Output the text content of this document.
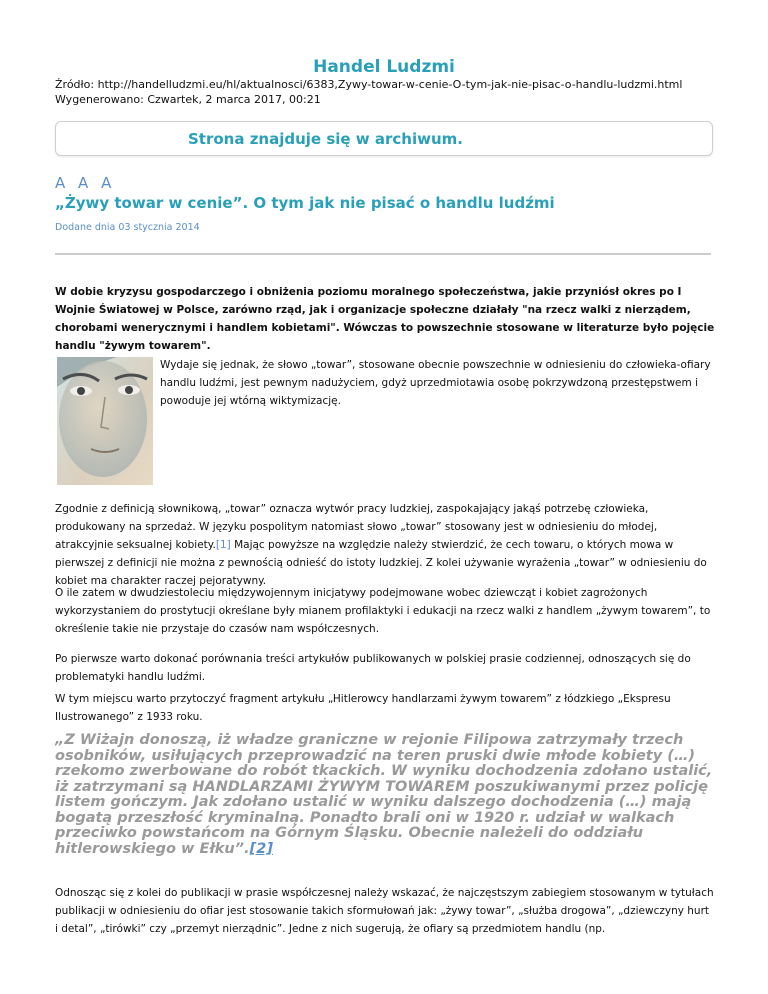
Handel Ludzmi
Źródło: http://handelludzmi.eu/hl/aktualnosci/6383,Zywy-towar-w-cenie-O-tym-jak-nie-pisac-o-handlu-ludzmi.html
Wygenerowano: Czwartek, 2 marca 2017, 00:21
Strona znajduje się w archiwum.
A A A
„Żywy towar w cenie”. O tym jak nie pisać o handlu ludźmi
Dodane dnia 03 stycznia 2014
W dobie kryzysu gospodarczego i obniżenia poziomu moralnego społeczeństwa, jakie przyniósł okres po I Wojnie Światowej w Polsce, zarówno rząd, jak i organizacje społeczne działały "na rzecz walki z nierządem, chorobami wenerycznymi i handlem kobietami". Wówczas to powszechnie stosowane w literaturze było pojęcie handlu "żywym towarem".
Wydaje się jednak, że słowo „towar”, stosowane obecnie powszechnie w odniesieniu do człowieka-ofiary handlu ludźmi, jest pewnym nadużyciem, gdyż uprzedmiotawia osobę pokrzywdzoną przestępstwem i powoduje jej wtórną wiktymizację.

Zgodnie z definicją słownikową, „towar” oznacza wytwór pracy ludzkiej, zaspokajający jakąś potrzebę człowieka, produkowany na sprzedaż. W języku pospolitym natomiast słowo „towar” stosowany jest w odniesieniu do młodej, atrakcyjnie seksualnej kobiety.[1] Mając powyższe na względzie należy stwierdzić, że cech towaru, o których mowa w pierwszej z definicji nie można z pewnością odnieść do istoty ludzkiej. Z kolei używanie wyrażenia „towar” w odniesieniu do kobiet ma charakter raczej pejoratywny.

O ile zatem w dwudziestoleciu międzywojennym inicjatywy podejmowane wobec dziewcząt i kobiet zagrożonych wykorzystaniem do prostytucji określane były mianem profilaktyki i edukacji na rzecz walki z handlem „żywym towarem”, to określenie takie nie przystaje do czasów nam współczesnych.

Po pierwsze warto dokonać porównania treści artykułów publikowanych w polskiej prasie codziennej, odnoszących się do problematyki handlu ludźmi.

W tym miejscu warto przytoczyć fragment artykułu „Hitlerowcy handlarzami żywym towarem” z łódzkiego „Ekspresu Ilustrowanego” z 1933 roku.

„Z Wiżajn donoszą, iż władze graniczne w rejonie Filipowa zatrzymały trzech osobników, usiłujących przeprowadzić na teren pruski dwie młode kobiety (…) rzekomo zwerbowane do robót tkackich. W wyniku dochodzenia zdołano ustalić, iż zatrzymani są HANDLARZAMI ŻYWYM TOWAREM poszukiwanymi przez policję listem gończym. Jak zdołano ustalić w wyniku dalszego dochodzenia (…) mają bogatą przeszłość kryminalną. Ponadto brali oni w 1920 r. udział w walkach przeciwko powstańcom na Górnym Śląsku. Obecnie należeli do oddziału hitlerowskiego w Ełku”.[2]

Odnosząc się z kolei do publikacji w prasie współczesnej należy wskazać, że najczęstszym zabiegiem stosowanym w tytułach publikacji w odniesieniu do ofiar jest stosowanie takich sformułowań jak: „żywy towar”, „służba drogowa”, „dziewczyny hurt i detal”, „tirówki” czy „przemyt nierządnic”. Jedne z nich sugerują, że ofiary są przedmiotem handlu (np.
